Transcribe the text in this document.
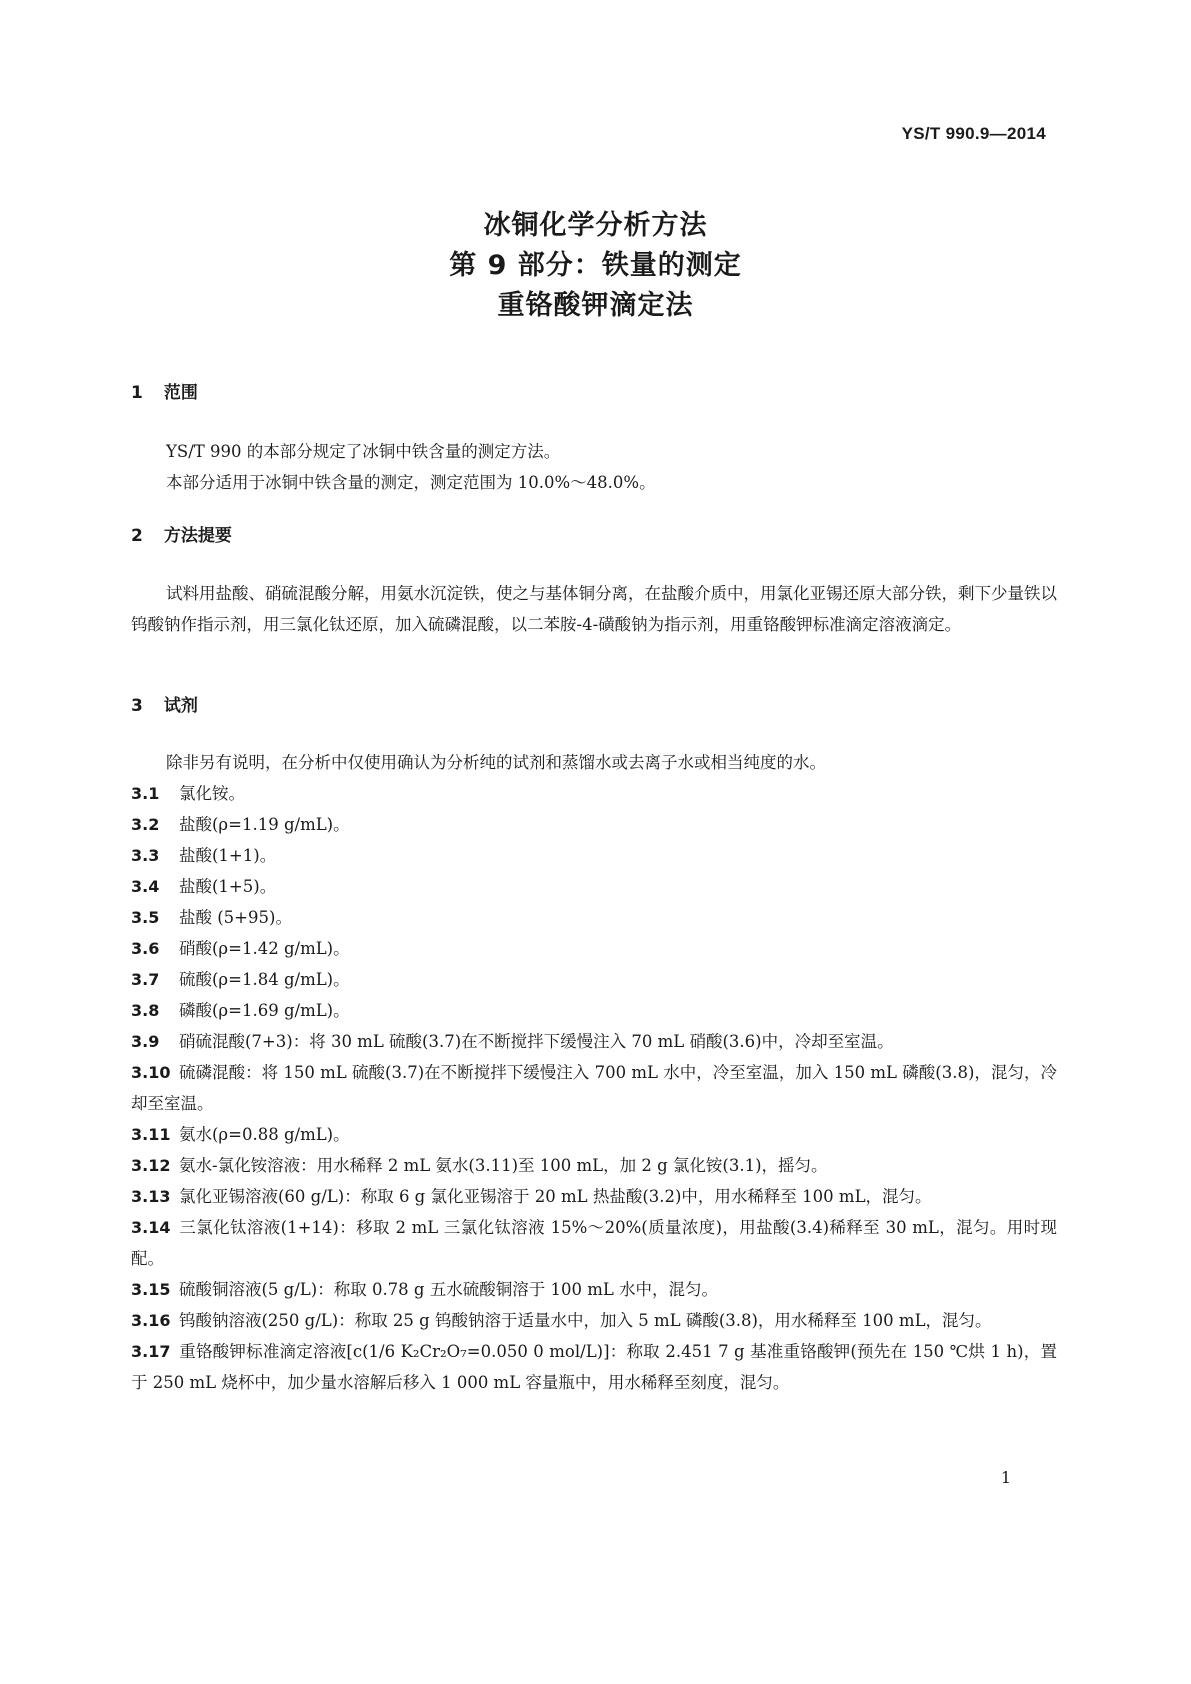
YS/T 990.9—2014
冰铜化学分析方法
第 9 部分：铁量的测定
重铬酸钾滴定法
1 范围
YS/T 990 的本部分规定了冰铜中铁含量的测定方法。
本部分适用于冰铜中铁含量的测定，测定范围为 10.0%～48.0%。
2 方法提要
试料用盐酸、硝硫混酸分解，用氨水沉淀铁，使之与基体铜分离，在盐酸介质中，用氯化亚锡还原大部分铁，剩下少量铁以钨酸钠作指示剂，用三氯化钛还原，加入硫磷混酸，以二苯胺-4-磺酸钠为指示剂，用重铬酸钾标准滴定溶液滴定。
3 试剂
除非另有说明，在分析中仅使用确认为分析纯的试剂和蒸馏水或去离子水或相当纯度的水。
3.1 氯化铵。
3.2 盐酸(ρ=1.19 g/mL)。
3.3 盐酸(1+1)。
3.4 盐酸(1+5)。
3.5 盐酸 (5+95)。
3.6 硝酸(ρ=1.42 g/mL)。
3.7 硫酸(ρ=1.84 g/mL)。
3.8 磷酸(ρ=1.69 g/mL)。
3.9 硝硫混酸(7+3)：将 30 mL 硫酸(3.7)在不断搅拌下缓慢注入 70 mL 硝酸(3.6)中，冷却至室温。
3.10 硫磷混酸：将 150 mL 硫酸(3.7)在不断搅拌下缓慢注入 700 mL 水中，冷至室温，加入 150 mL 磷酸(3.8)，混匀，冷却至室温。
3.11 氨水(ρ=0.88 g/mL)。
3.12 氨水-氯化铵溶液：用水稀释 2 mL 氨水(3.11)至 100 mL，加 2 g 氯化铵(3.1)，摇匀。
3.13 氯化亚锡溶液(60 g/L)：称取 6 g 氯化亚锡溶于 20 mL 热盐酸(3.2)中，用水稀释至 100 mL，混匀。
3.14 三氯化钛溶液(1+14)：移取 2 mL 三氯化钛溶液 15%～20%(质量浓度)，用盐酸(3.4)稀释至 30 mL，混匀。用时现配。
3.15 硫酸铜溶液(5 g/L)：称取 0.78 g 五水硫酸铜溶于 100 mL 水中，混匀。
3.16 钨酸钠溶液(250 g/L)：称取 25 g 钨酸钠溶于适量水中，加入 5 mL 磷酸(3.8)，用水稀释至 100 mL，混匀。
3.17 重铬酸钾标准滴定溶液[c(1/6 K₂Cr₂O₇=0.050 0 mol/L)]：称取 2.451 7 g 基准重铬酸钾(预先在 150 ℃烘 1 h)，置于 250 mL 烧杯中，加少量水溶解后移入 1 000 mL 容量瓶中，用水稀释至刻度，混匀。
1
